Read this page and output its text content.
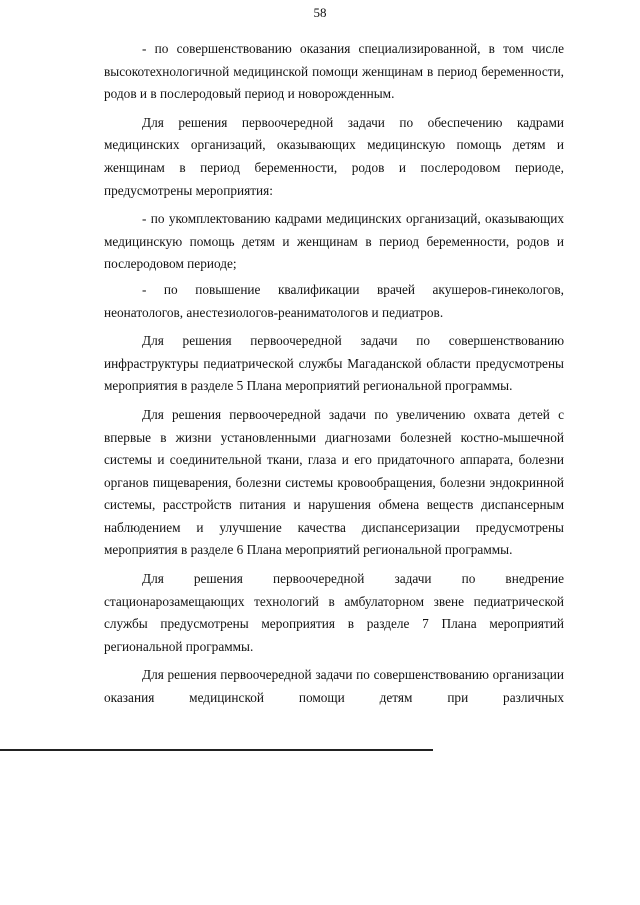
58

- по совершенствованию оказания специализированной, в том числе высокотехнологичной медицинской помощи женщинам в период беременности, родов и в послеродовый период и новорожденным.

Для решения первоочередной задачи по обеспечению кадрами медицинских организаций, оказывающих медицинскую помощь детям и женщинам в период беременности, родов и послеродовом периоде, предусмотрены мероприятия:

- по укомплектованию кадрами медицинских организаций, оказывающих медицинскую помощь детям и женщинам в период беременности, родов и послеродовом периоде;

- по повышение квалификации врачей акушеров-гинекологов, неонатологов, анестезиологов-реаниматологов и педиатров.

Для решения первоочередной задачи по совершенствованию инфраструктуры педиатрической службы Магаданской области предусмотрены мероприятия в разделе 5 Плана мероприятий региональной программы.

Для решения первоочередной задачи по увеличению охвата детей с впервые в жизни установленными диагнозами болезней костно-мышечной системы и соединительной ткани, глаза и его придаточного аппарата, болезни органов пищеварения, болезни системы кровообращения, болезни эндокринной системы, расстройств питания и нарушения обмена веществ диспансерным наблюдением и улучшение качества диспансеризации предусмотрены мероприятия в разделе 6 Плана мероприятий региональной программы.

Для решения первоочередной задачи по внедрение стационарозамещающих технологий в амбулаторном звене педиатрической службы предусмотрены мероприятия в разделе 7 Плана мероприятий региональной программы.

Для решения первоочередной задачи по совершенствованию организации оказания медицинской помощи детям при различных
